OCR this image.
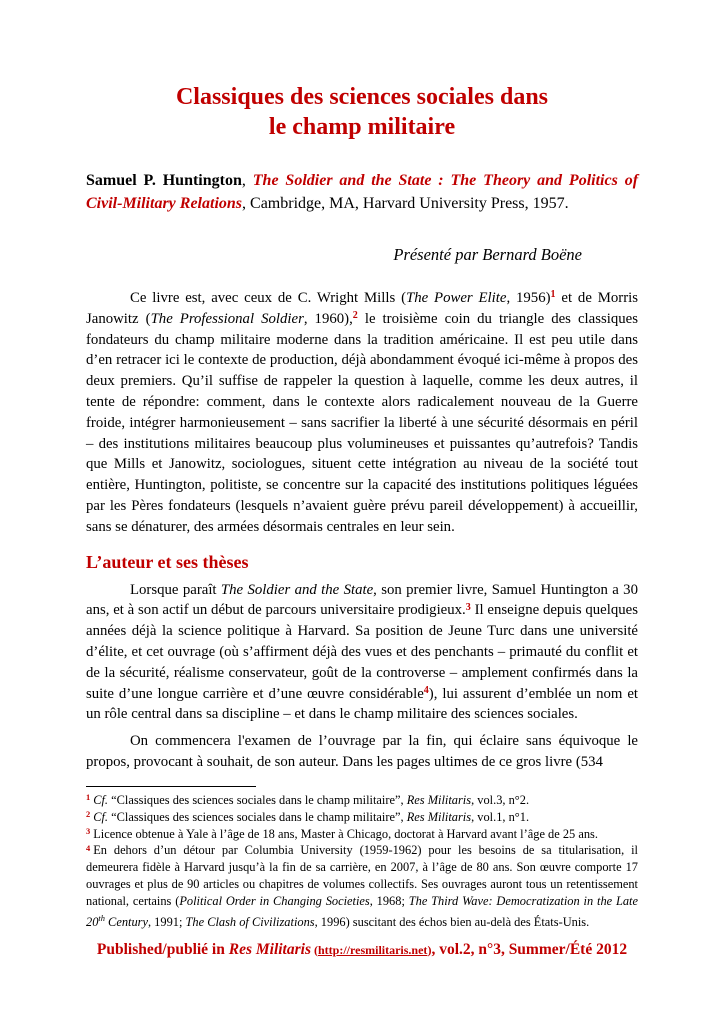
Classiques des sciences sociales dans
le champ militaire

Samuel P. Huntington, The Soldier and the State : The Theory and Politics of Civil-Military Relations, Cambridge, MA, Harvard University Press, 1957.

Présenté par Bernard Boëne

Ce livre est, avec ceux de C. Wright Mills (The Power Elite, 1956)$^1$ et de Morris Janowitz (The Professional Soldier, 1960),$^2$ le troisième coin du triangle des classiques fondateurs du champ militaire moderne dans la tradition américaine. Il est peu utile dans d’en retracer ici le contexte de production, déjà abondamment évoqué ici-même à propos des deux premiers. Qu’il suffise de rappeler la question à laquelle, comme les deux autres, il tente de répondre: comment, dans le contexte alors radicalement nouveau de la Guerre froide, intégrer harmonieusement – sans sacrifier la liberté à une sécurité désormais en péril – des institutions militaires beaucoup plus volumineuses et puissantes qu’autrefois? Tandis que Mills et Janowitz, sociologues, situent cette intégration au niveau de la société tout entière, Huntington, politiste, se concentre sur la capacité des institutions politiques léguées par les Pères fondateurs (lesquels n’avaient guère prévu pareil développement) à accueillir, sans se dénaturer, des armées désormais centrales en leur sein.

L’auteur et ses thèses

Lorsque paraît The Soldier and the State, son premier livre, Samuel Huntington a 30 ans, et à son actif un début de parcours universitaire prodigieux.$^3$ Il enseigne depuis quelques années déjà la science politique à Harvard. Sa position de Jeune Turc dans une université d’élite, et cet ouvrage (où s’affirment déjà des vues et des penchants – primauté du conflit et de la sécurité, réalisme conservateur, goût de la controverse – amplement confirmés dans la suite d’une longue carrière et d’une œuvre considérable$^4$), lui assurent d’emblée un nom et un rôle central dans sa discipline – et dans le champ militaire des sciences sociales.

On commencera l'examen de l’ouvrage par la fin, qui éclaire sans équivoque le propos, provocant à souhait, de son auteur. Dans les pages ultimes de ce gros livre (534

$^1$ Cf. “Classiques des sciences sociales dans le champ militaire”, Res Militaris, vol.3, n°2.

$^2$ Cf. “Classiques des sciences sociales dans le champ militaire”, Res Militaris, vol.1, n°1.

$^3$ Licence obtenue à Yale à l’âge de 18 ans, Master à Chicago, doctorat à Harvard avant l’âge de 25 ans.

$^4$ En dehors d’un détour par Columbia University (1959-1962) pour les besoins de sa titularisation, il demeurera fidèle à Harvard jusqu’à la fin de sa carrière, en 2007, à l’âge de 80 ans. Son œuvre comporte 17 ouvrages et plus de 90 articles ou chapitres de volumes collectifs. Ses ouvrages auront tous un retentissement national, certains (Political Order in Changing Societies, 1968; The Third Wave: Democratization in the Late 20th Century, 1991; The Clash of Civilizations, 1996) suscitant des échos bien au-delà des États-Unis.

Published/publié in Res Militaris (http://resmilitaris.net), vol.2, n°3, Summer/Été 2012
